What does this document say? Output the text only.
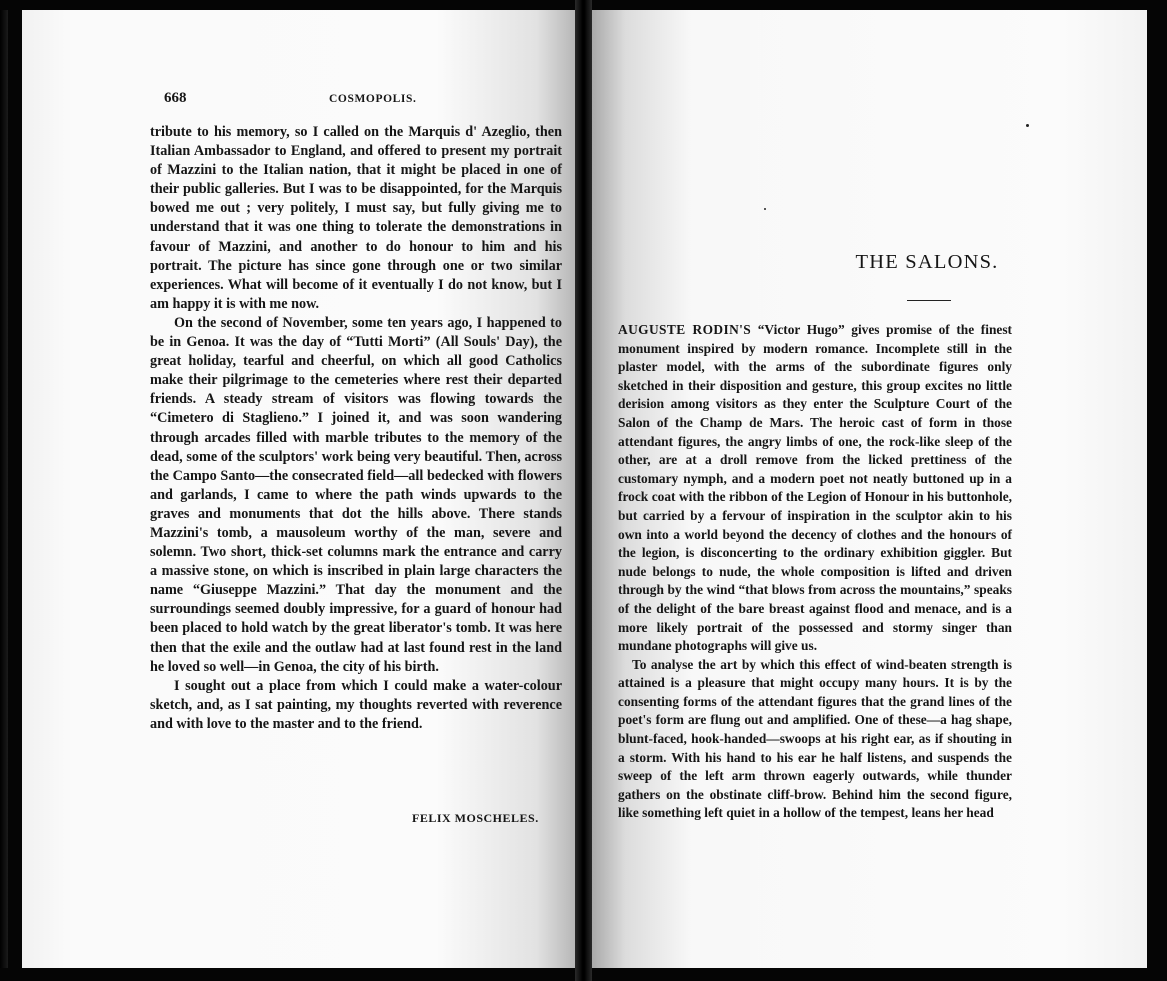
668	COSMOPOLIS.

tribute to his memory, so I called on the Marquis d' Azeglio, then Italian Ambassador to England, and offered to present my portrait of Mazzini to the Italian nation, that it might be placed in one of their public galleries. But I was to be disappointed, for the Marquis bowed me out ; very politely, I must say, but fully giving me to understand that it was one thing to tolerate the demonstrations in favour of Mazzini, and another to do honour to him and his portrait. The picture has since gone through one or two similar experiences. What will become of it eventually I do not know, but I am happy it is with me now.

On the second of November, some ten years ago, I happened to be in Genoa. It was the day of “Tutti Morti” (All Souls' Day), the great holiday, tearful and cheerful, on which all good Catholics make their pilgrimage to the cemeteries where rest their departed friends. A steady stream of visitors was flowing towards the “Cimetero di Staglieno.” I joined it, and was soon wandering through arcades filled with marble tributes to the memory of the dead, some of the sculptors' work being very beautiful. Then, across the Campo Santo—the consecrated field—all bedecked with flowers and garlands, I came to where the path winds upwards to the graves and monuments that dot the hills above. There stands Mazzini's tomb, a mausoleum worthy of the man, severe and solemn. Two short, thick-set columns mark the entrance and carry a massive stone, on which is inscribed in plain large characters the name “Giuseppe Mazzini.” That day the monument and the surroundings seemed doubly impressive, for a guard of honour had been placed to hold watch by the great liberator's tomb. It was here then that the exile and the outlaw had at last found rest in the land he loved so well—in Genoa, the city of his birth.

I sought out a place from which I could make a water-colour sketch, and, as I sat painting, my thoughts reverted with reverence and with love to the master and to the friend.

FELIX MOSCHELES.
THE SALONS.

AUGUSTE RODIN'S “Victor Hugo” gives promise of the finest monument inspired by modern romance. Incomplete still in the plaster model, with the arms of the subordinate figures only sketched in their disposition and gesture, this group excites no little derision among visitors as they enter the Sculpture Court of the Salon of the Champ de Mars. The heroic cast of form in those attendant figures, the angry limbs of one, the rock-like sleep of the other, are at a droll remove from the licked prettiness of the customary nymph, and a modern poet not neatly buttoned up in a frock coat with the ribbon of the Legion of Honour in his buttonhole, but carried by a fervour of inspiration in the sculptor akin to his own into a world beyond the decency of clothes and the honours of the legion, is disconcerting to the ordinary exhibition giggler. But nude belongs to nude, the whole composition is lifted and driven through by the wind “that blows from across the mountains,” speaks of the delight of the bare breast against flood and menace, and is a more likely portrait of the possessed and stormy singer than mundane photographs will give us.

To analyse the art by which this effect of wind-beaten strength is attained is a pleasure that might occupy many hours. It is by the consenting forms of the attendant figures that the grand lines of the poet's form are flung out and amplified. One of these—a hag shape, blunt-faced, hook-handed—swoops at his right ear, as if shouting in a storm. With his hand to his ear he half listens, and suspends the sweep of the left arm thrown eagerly outwards, while thunder gathers on the obstinate cliff-brow. Behind him the second figure, like something left quiet in a hollow of the tempest, leans her head
